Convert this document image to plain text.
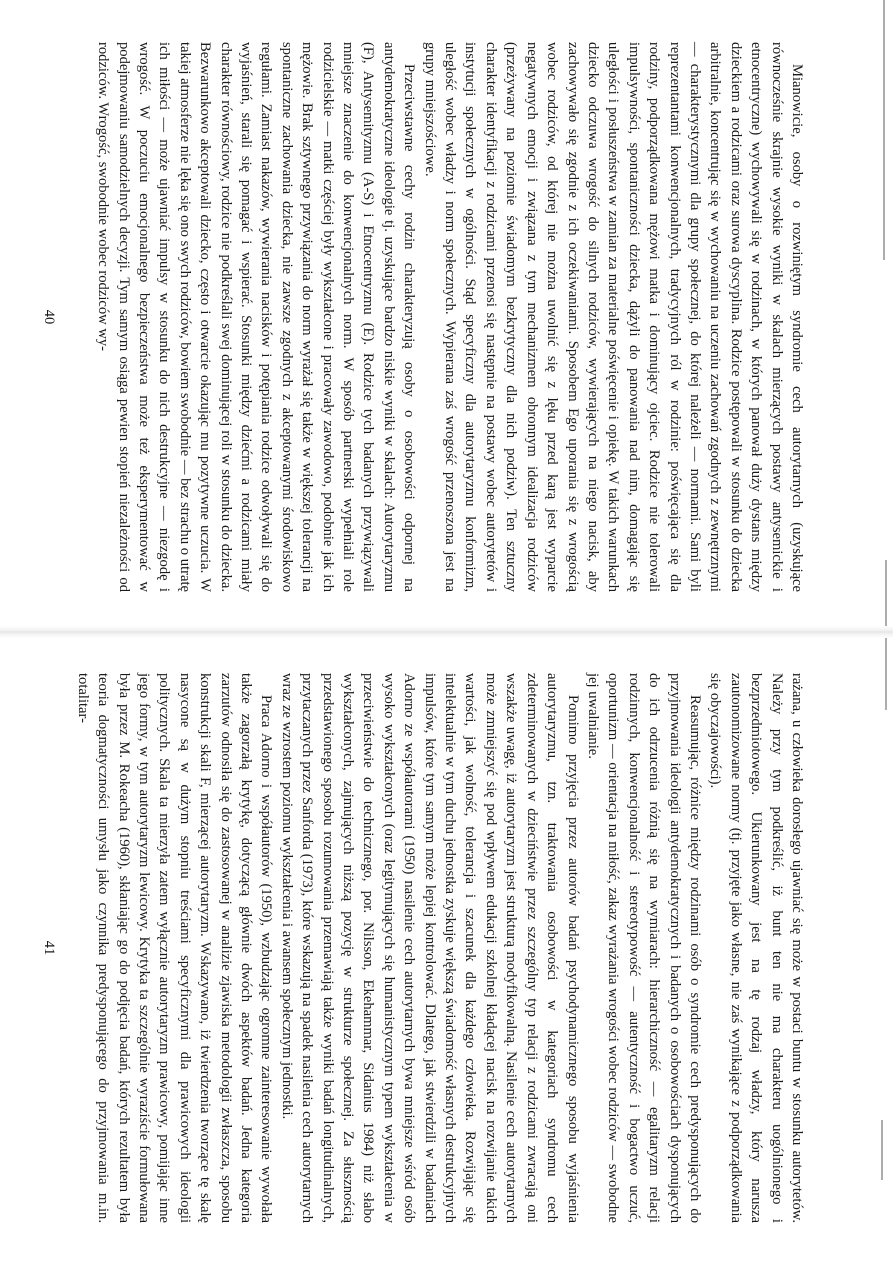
Mianowicie, osoby o rozwiniętym syndromie cech autorytarnych (uzyskujące równocześnie skrajnie wysokie wyniki w skalach mierzących postawy antysemickie i etnocentryczne) wychowywali się w rodzinach, w których panował duży dystans między dzieckiem a rodzicami oraz surowa dyscyplina. Rodzice postępowali w stosunku do dziecka arbitralnie, koncentrując się w wychowaniu na uczeniu zachowań zgodnych z zewnętrznymi — charakterystycznymi dla grupy społecznej, do której należeli — normami. Sami byli reprezentantami konwencjonalnych, tradycyjnych ról w rodzinie: poświęcająca się dla rodziny, podporządkowana mężowi matka i dominujący ojciec. Rodzice nie tolerowali impulsywności, spontaniczności dziecka, dążyli do panowania nad nim, domagając się uległości i posłuszeństwa w zamian za materialne poświęcenie i opiekę. W takich warunkach dziecko odczuwa wrogość do silnych rodziców, wywierających na niego nacisk, aby zachowywało się zgodnie z ich oczekiwaniami. Sposobem Ego uporania się z wrogością wobec rodziców, od której nie można uwolnić się z lęku przed karą jest wyparcie negatywnych emocji i związana z tym mechanizmem obronnym idealizacja rodziców (przeżywany na poziomie świadomym bezkrytyczny dla nich podziw). Ten sztuczny charakter identyfikacji z rodzicami przenosi się następnie na postawy wobec autorytetów i instytucji społecznych w ogólności. Stąd specyficzny dla autorytaryzmu konformizm, uległość wobec władzy i norm społecznych. Wypierana zaś wrogość przenoszona jest na grupy mniejszościowe.

Przeciwstawne cechy rodzin charakteryzują osoby o osobowości odpornej na antydemokratyczne ideologie tj. uzyskujące bardzo niskie wyniki w skalach: Autorytaryzmu (F), Antysemityzmu (A-S) i Etnocentryzmu (E). Rodzice tych badanych przywiązywali mniejsze znaczenie do konwencjonalnych norm. W sposób partnerski wypełniali role rodzicielskie — matki częściej były wykształcone i pracowały zawodowo, podobnie jak ich mężowie. Brak sztywnego przywiązania do norm wyrażał się także w większej tolerancji na spontaniczne zachowania dziecka, nie zawsze zgodnych z akceptowanymi środowiskowo regułami. Zamiast nakazów, wywierania nacisków i potępiania rodzice odwoływali się do wyjaśnień, starali się pomagać i wspierać. Stosunki między dziećmi a rodzicami miały charakter równościowy, rodzice nie podkreślali swej dominującej roli w stosunku do dziecka. Bezwarunkowo akceptowali dziecko, często i otwarcie okazując mu pozytywne uczucia. W takiej atmosferze nie lęka się ono swych rodziców, bowiem swobodnie — bez strachu o utratę ich miłości — może ujawniać impulsy w stosunku do nich destrukcyjne — niezgodę i wrogość. W poczuciu emocjonalnego bezpieczeństwa może też eksperymentować w podejmowaniu samodzielnych decyzji. Tym samym osiąga pewien stopień niezależności od rodziców. Wrogość, swobodnie wobec rodziców wy-

40

rażana, u człowieka dorosłego ujawniać się może w postaci buntu w stosunku autorytetów. Należy przy tym podkreślić, iż bunt ten nie ma charakteru uogólnionego i bezprzedmiotowego. Ukierunkowany jest na tę rodzaj władzy, który narusza zautonomizowane normy (tj. przyjęte jako własne, nie zaś wynikające z podporządkowania się obyczajowości).

Reasumując, różnice między rodzinami osób o syndromie cech predysponujących do przyjmowania ideologii antydemokratycznych i badanych o osobowościach dysponujących do ich odrzucenia różnią się na wymiarach: hierarchiczność — egalitaryzm relacji rodzinnych, konwencjonalność i stereotypowość — autentyczność i bogactwo uczuć, oportunizm — orientacja na miłość, zakaz wyrażania wrogości wobec rodziców — swobodne jej uwalnianie.

Pomimo przyjęcia przez autorów badań psychodynamicznego sposobu wyjaśnienia autorytaryzmu, tzn. traktowania osobowości w kategoriach syndromu cech zdeterminowanych w dzieciństwie przez szczególny typ relacji z rodzicami zwracają oni wszakże uwagę, iż autorytaryzm jest strukturą modyfikowalną. Nasilenie cech autorytarnych może zmniejszyć się pod wpływem edukacji szkolnej kładącej nacisk na rozwijanie takich wartości, jak wolność, tolerancja i szacunek dla każdego człowieka. Rozwijając się intelektualnie w tym duchu jednostka zyskuje większą świadomość własnych destrukcyjnych impulsów, które tym samym może lepiej kontrolować. Dlatego, jak stwierdzili w badaniach Adorno ze współautorami (1950) nasilenie cech autorytarnych bywa mniejsze wśród osób wysoko wykształconych (oraz legitymujących się humanistycznym typem wykształcenia w przeciwieństwie do technicznego, por. Nilsson, Ekehammar, Sidanius 1984) niż słabo wykształconych, zajmujących niższą pozycję w strukturze społecznej. Za słusznością przedstawionego sposobu rozumowania przemawiają także wyniki badań longitudinalnych, przytaczanych przez Sanforda (1973), które wskazują na spadek nasilenia cech autorytarnych wraz ze wzrostem poziomu wykształcenia i awansem społecznym jednostki.

Praca Adorno i współautorów (1950), wzbudzając ogromne zainteresowanie wywołała także zagorzałą krytykę, dotyczącą głównie dwóch aspektów badań. Jedna kategoria zarzutów odnosiła się do zastosowanej w analizie zjawiska metodologii zwłaszcza, sposobu konstrukcji skali F, mierzącej autorytaryzm. Wskazywano, iż twierdzenia tworzące tę skalę nasycone są w dużym stopniu treściami specyficznymi dla prawicowych ideologii politycznych. Skala ta mierzyła zatem wyłącznie autorytaryzm prawicowy, pomijając inne jego formy, w tym autorytaryzm lewicowy. Krytyka ta szczególnie wyraziście formułowana była przez M. Rokeacha (1960), skłaniając go do podjęcia badań, których rezultatem była teoria dogmatyczności umysłu jako czynnika predysponującego do przyjmowania m.in. totalitar-

41
